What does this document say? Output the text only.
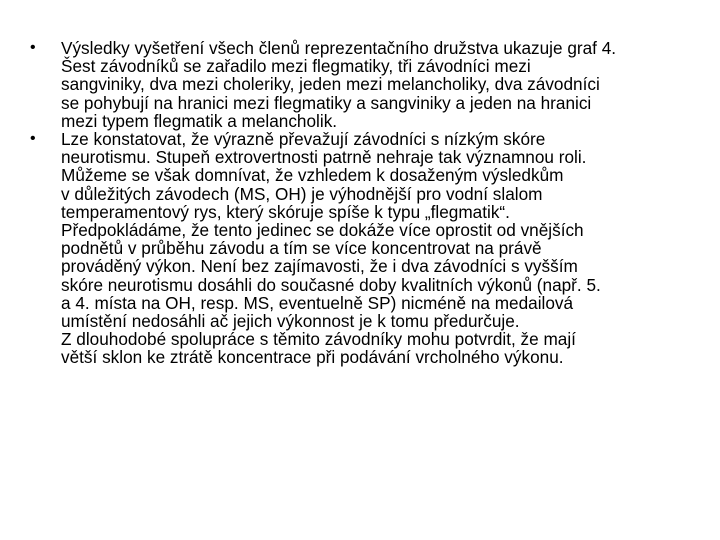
•	Výsledky vyšetření všech členů reprezentačního družstva ukazuje graf 4.
Šest závodníků se zařadilo mezi flegmatiky, tři závodníci mezi
sangviniky, dva mezi choleriky, jeden mezi melancholiky, dva závodníci
se pohybují na hranici mezi flegmatiky a sangviniky a jeden na hranici
mezi typem flegmatik a melancholik.
•	Lze konstatovat, že výrazně převažují závodníci s nízkým skóre
neurotismu. Stupeň extrovertnosti patrně nehraje tak významnou roli.
Můžeme se však domnívat, že vzhledem k dosaženým výsledkům
v důležitých závodech (MS, OH) je výhodnější pro vodní slalom
temperamentový rys, který skóruje spíše k typu „flegmatik“.
Předpokládáme, že tento jedinec se dokáže více oprostit od vnějších
podnětů v průběhu závodu a tím se více koncentrovat na právě
prováděný výkon. Není bez zajímavosti, že i dva závodníci s vyšším
skóre neurotismu dosáhli do současné doby kvalitních výkonů (např. 5.
a 4. místa na OH, resp. MS, eventuelně SP) nicméně na medailová
umístění nedosáhli ač jejich výkonnost je k tomu předurčuje.
Z dlouhodobé spolupráce s těmito závodníky mohu potvrdit, že mají
větší sklon ke ztrátě koncentrace při podávání vrcholného výkonu.
